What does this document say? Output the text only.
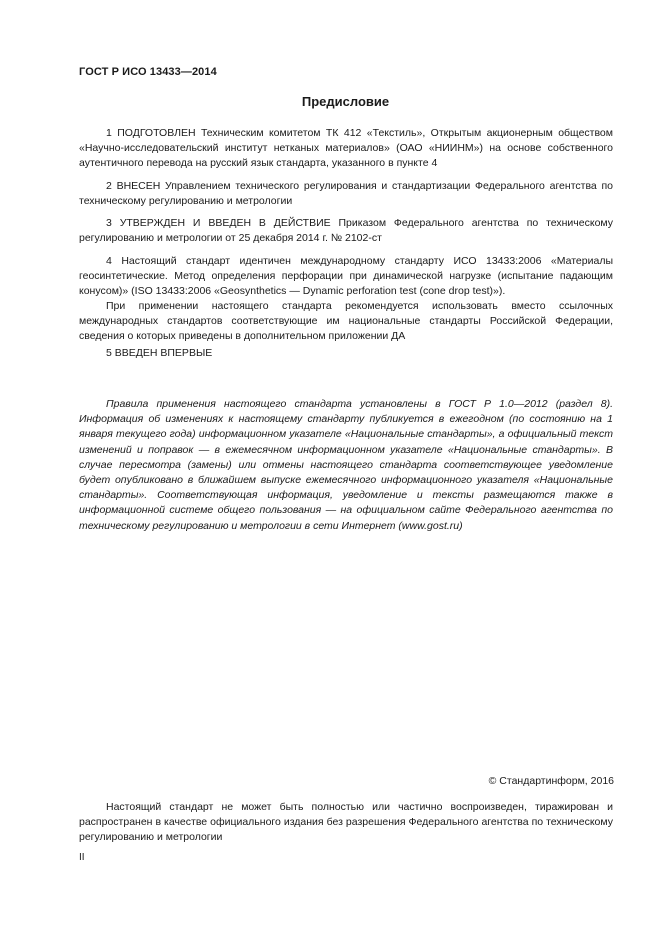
ГОСТ Р ИСО 13433—2014
Предисловие

1 ПОДГОТОВЛЕН Техническим комитетом ТК 412 «Текстиль», Открытым акционерным обществом «Научно-исследовательский институт нетканых материалов» (ОАО «НИИНМ») на основе собственного аутентичного перевода на русский язык стандарта, указанного в пункте 4

2 ВНЕСЕН Управлением технического регулирования и стандартизации Федерального агентства по техническому регулированию и метрологии

3 УТВЕРЖДЕН И ВВЕДЕН В ДЕЙСТВИЕ Приказом Федерального агентства по техническому регулированию и метрологии от 25 декабря 2014 г. № 2102-ст

4 Настоящий стандарт идентичен международному стандарту ИСО 13433:2006 «Материалы геосинтетические. Метод определения перфорации при динамической нагрузке (испытание падающим конусом)» (ISO 13433:2006 «Geosynthetics — Dynamic perforation test (cone drop test)»).

При применении настоящего стандарта рекомендуется использовать вместо ссылочных международных стандартов соответствующие им национальные стандарты Российской Федерации, сведения о которых приведены в дополнительном приложении ДА

5 ВВЕДЕН ВПЕРВЫЕ

Правила применения настоящего стандарта установлены в ГОСТ Р 1.0—2012 (раздел 8). Информация об изменениях к настоящему стандарту публикуется в ежегодном (по состоянию на 1 января текущего года) информационном указателе «Национальные стандарты», а официальный текст изменений и поправок — в ежемесячном информационном указателе «Национальные стандарты». В случае пересмотра (замены) или отмены настоящего стандарта соответствующее уведомление будет опубликовано в ближайшем выпуске ежемесячного информационного указателя «Национальные стандарты». Соответствующая информация, уведомление и тексты размещаются также в информационной системе общего пользования — на официальном сайте Федерального агентства по техническому регулированию и метрологии в сети Интернет (www.gost.ru)

© Стандартинформ, 2016

Настоящий стандарт не может быть полностью или частично воспроизведен, тиражирован и распространен в качестве официального издания без разрешения Федерального агентства по техническому регулированию и метрологии

II
